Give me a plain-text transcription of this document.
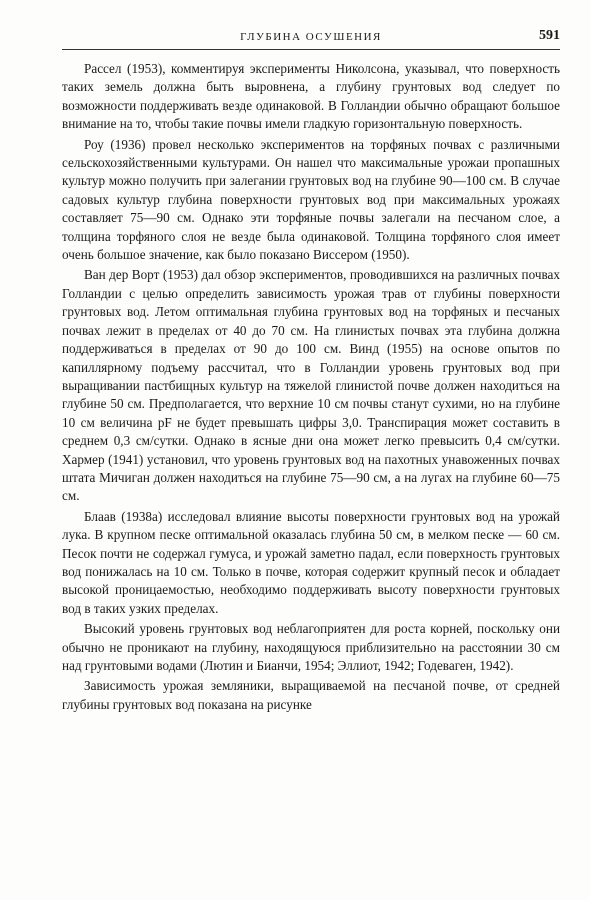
ГЛУБИНА ОСУШЕНИЯ	591

Рассел (1953), комментируя эксперименты Николсона, указывал, что поверхность таких земель должна быть выровнена, а глубину грунтовых вод следует по возможности поддерживать везде одинаковой. В Голландии обычно обращают большое внимание на то, чтобы такие почвы имели гладкую горизонтальную поверхность.

Роу (1936) провел несколько экспериментов на торфяных почвах с различными сельскохозяйственными культурами. Он нашел что максимальные урожаи пропашных культур можно получить при залегании грунтовых вод на глубине 90—100 см. В случае садовых культур глубина поверхности грунтовых вод при максимальных урожаях составляет 75—90 см. Однако эти торфяные почвы залегали на песчаном слое, а толщина торфяного слоя не везде была одинаковой. Толщина торфяного слоя имеет очень большое значение, как было показано Виссером (1950).

Ван дер Ворт (1953) дал обзор экспериментов, проводившихся на различных почвах Голландии с целью определить зависимость урожая трав от глубины поверхности грунтовых вод. Летом оптимальная глубина грунтовых вод на торфяных и песчаных почвах лежит в пределах от 40 до 70 см. На глинистых почвах эта глубина должна поддерживаться в пределах от 90 до 100 см. Винд (1955) на основе опытов по капиллярному подъему рассчитал, что в Голландии уровень грунтовых вод при выращивании пастбищных культур на тяжелой глинистой почве должен находиться на глубине 50 см. Предполагается, что верхние 10 см почвы станут сухими, но на глубине 10 см величина pF не будет превышать цифры 3,0. Транспирация может составить в среднем 0,3 см/сутки. Однако в ясные дни она может легко превысить 0,4 см/сутки. Хармер (1941) установил, что уровень грунтовых вод на пахотных унавоженных почвах штата Мичиган должен находиться на глубине 75—90 см, а на лугах на глубине 60—75 см.

Блаав (1938а) исследовал влияние высоты поверхности грунтовых вод на урожай лука. В крупном песке оптимальной оказалась глубина 50 см, в мелком песке — 60 см. Песок почти не содержал гумуса, и урожай заметно падал, если поверхность грунтовых вод понижалась на 10 см. Только в почве, которая содержит крупный песок и обладает высокой проницаемостью, необходимо поддерживать высоту поверхности грунтовых вод в таких узких пределах.

Высокий уровень грунтовых вод неблагоприятен для роста корней, поскольку они обычно не проникают на глубину, находящуюся приблизительно на расстоянии 30 см над грунтовыми водами (Лютин и Бианчи, 1954; Эллиот, 1942; Годеваген, 1942).

Зависимость урожая земляники, выращиваемой на песчаной почве, от средней глубины грунтовых вод показана на рисунке
